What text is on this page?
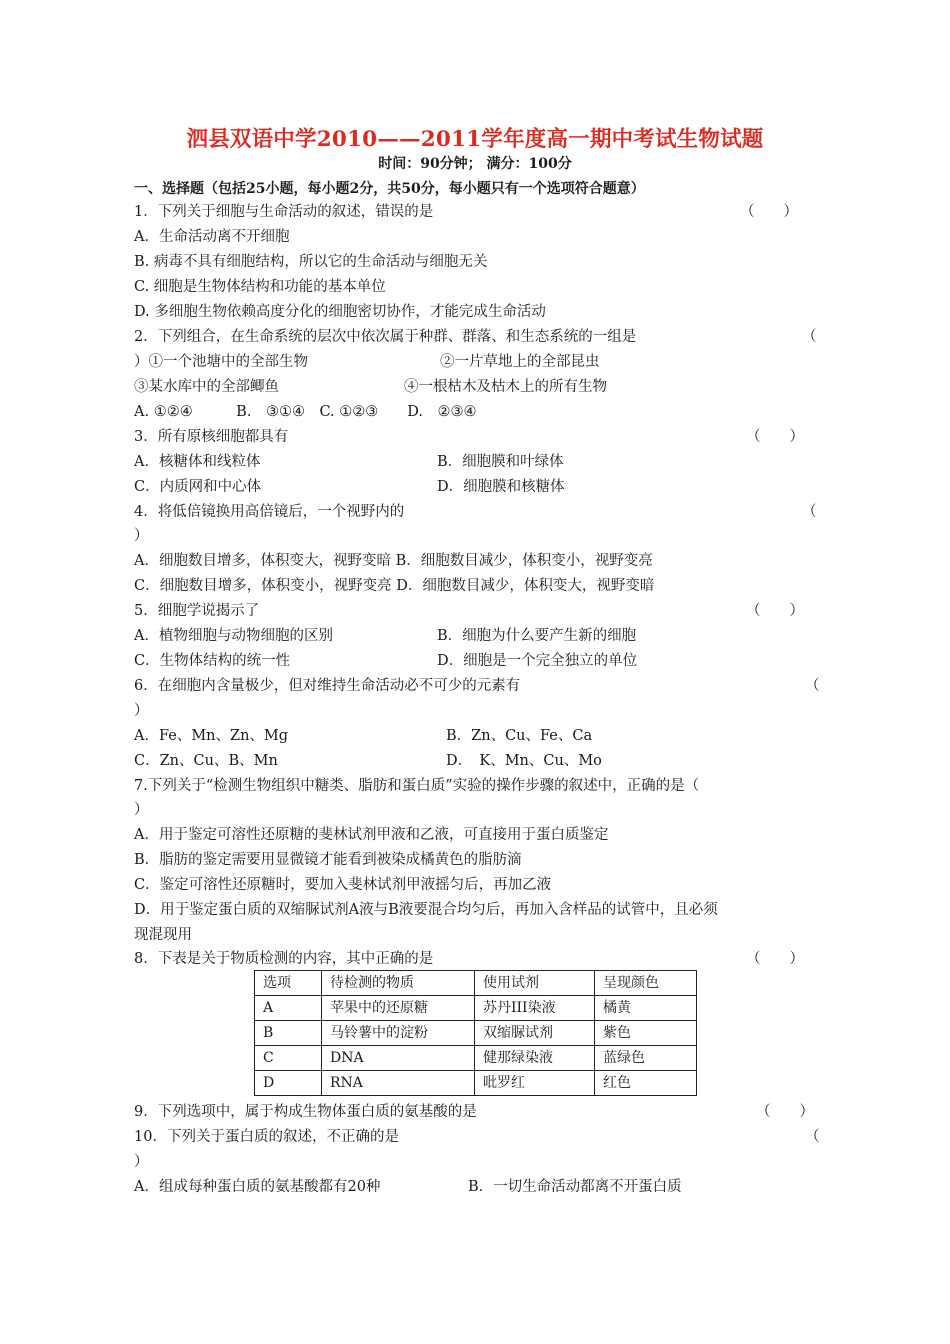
泗县双语中学2010——2011学年度高一期中考试生物试题
时间：90分钟； 满分：100分
一、选择题（包括25小题，每小题2分，共50分，每小题只有一个选项符合题意）
1．下列关于细胞与生命活动的叙述，错误的是	（　　）
A．生命活动离不开细胞
B. 病毒不具有细胞结构，所以它的生命活动与细胞无关
C. 细胞是生物体结构和功能的基本单位
D. 多细胞生物依赖高度分化的细胞密切协作，才能完成生命活动
2．下列组合，在生命系统的层次中依次属于种群、群落、和生态系统的一组是	（
）①一个池塘中的全部生物	②一片草地上的全部昆虫
③某水库中的全部鲫鱼	④一根枯木及枯木上的所有生物
A. ①②④　　　B.　③①④　C. ①②③　　D.　②③④
3．所有原核细胞都具有	（　　）
A．核糖体和线粒体	B．细胞膜和叶绿体
C．内质网和中心体	D．细胞膜和核糖体
4．将低倍镜换用高倍镜后，一个视野内的	（
）
A．细胞数目增多，体积变大，视野变暗 B．细胞数目减少，体积变小，视野变亮
C．细胞数目增多，体积变小，视野变亮 D．细胞数目减少，体积变大，视野变暗
5．细胞学说揭示了	（　　）
A．植物细胞与动物细胞的区别	B．细胞为什么要产生新的细胞
C．生物体结构的统一性	D．细胞是一个完全独立的单位
6．在细胞内含量极少，但对维持生命活动必不可少的元素有	（
）
A．Fe、Mn、Zn、Mg	B．Zn、Cu、Fe、Ca
C．Zn、Cu、B、Mn	D．　K、Mn、Cu、Mo
7.下列关于“检测生物组织中糖类、脂肪和蛋白质”实验的操作步骤的叙述中，正确的是（
）
A．用于鉴定可溶性还原糖的斐林试剂甲液和乙液，可直接用于蛋白质鉴定
B．脂肪的鉴定需要用显微镜才能看到被染成橘黄色的脂肪滴
C．鉴定可溶性还原糖时，要加入斐林试剂甲液摇匀后，再加乙液
D．用于鉴定蛋白质的双缩脲试剂A液与B液要混合均匀后，再加入含样品的试管中，且必须
现混现用
8．下表是关于物质检测的内容，其中正确的是	（　　）
选项	待检测的物质	使用试剂	呈现颜色
A	苹果中的还原糖	苏丹III染液	橘黄
B	马铃薯中的淀粉	双缩脲试剂	紫色
C	DNA	健那绿染液	蓝绿色
D	RNA	吡罗红	红色
9．下列选项中，属于构成生物体蛋白质的氨基酸的是	（　　）
10．下列关于蛋白质的叙述，不正确的是	（
）
A．组成每种蛋白质的氨基酸都有20种	B．一切生命活动都离不开蛋白质
